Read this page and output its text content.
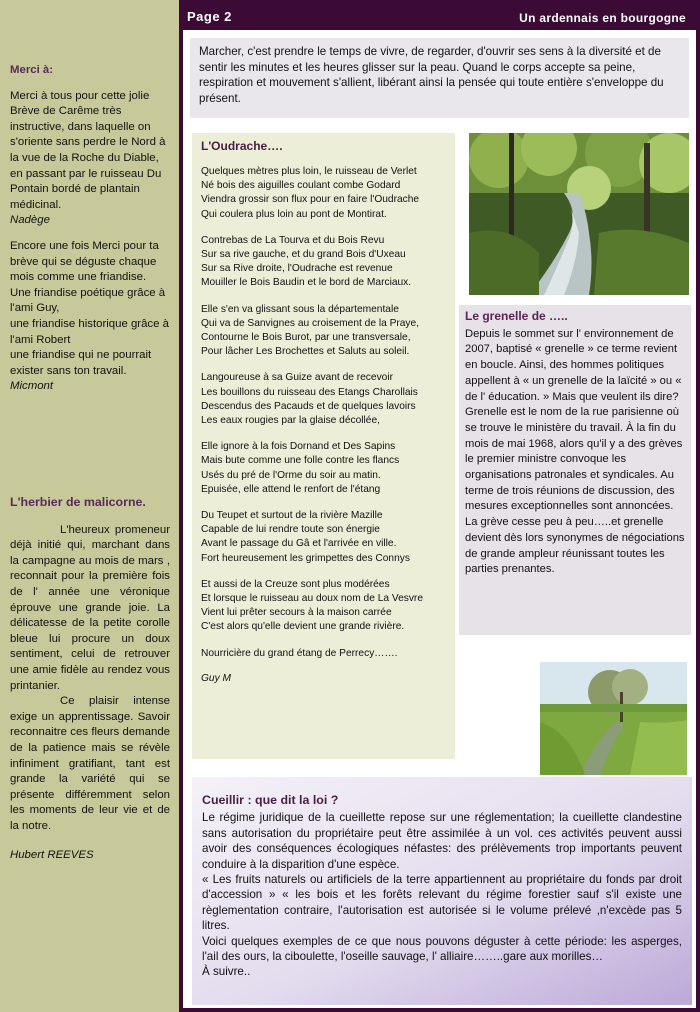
Merci à:
Merci à tous pour cette jolie Brève de Carême très instructive, dans laquelle on s'oriente sans perdre le Nord à la vue de la Roche du Diable, en passant par le ruisseau Du Pontain bordé de plantain médicinal.
Nadège
Encore une fois Merci pour ta brève qui se déguste chaque mois comme une friandise.
Une friandise poétique grâce à l'ami Guy,
une friandise historique grâce à l'ami Robert
une friandise qui ne pourrait exister sans ton travail.
Micmont
L'herbier de malicorne.
L'heureux promeneur déjà initié qui, marchant dans la campagne au mois de mars , reconnait pour la première fois de l' année une véronique éprouve une grande joie. La délicatesse de la petite corolle bleue lui procure un doux sentiment, celui de retrouver une amie fidèle au rendez vous printanier.
Ce plaisir intense exige un apprentissage. Savoir reconnaitre ces fleurs demande de la patience mais se révèle infiniment gratifiant, tant est grande la variété qui se présente différemment selon les moments de leur vie et de la notre.
Hubert REEVES
Page 2	Un ardennais en bourgogne
Marcher, c'est prendre le temps de vivre, de regarder, d'ouvrir ses sens à la diversité et de sentir les minutes et les heures glisser sur la peau. Quand le corps accepte sa peine, respiration et mouvement s'allient, libérant ainsi la pensée qui toute entière s'enveloppe du présent.
L'Oudrache….
Quelques mètres plus loin, le ruisseau de Verlet
Né bois des aiguilles coulant combe Godard
Viendra grossir son flux pour en faire l'Oudrache
Qui coulera plus loin au pont de Montirat.
Contrebas de La Tourva et du Bois Revu
Sur sa rive gauche, et du grand Bois d'Uxeau
Sur sa Rive droite, l'Oudrache est revenue
Mouiller le Bois Baudin et le bord de Marciaux.
Elle s'en va glissant sous la départementale
Qui va de Sanvignes au croisement de la Praye,
Contourne le Bois Burot, par une transversale,
Pour lâcher Les Brochettes et Saluts au soleil.
Langoureuse à sa Guize avant de recevoir
Les bouillons du ruisseau des Etangs Charollais
Descendus des Pacauds et de quelques lavoirs
Les eaux rougies par la glaise décollée,
Elle ignore à la fois Dornand et Des Sapins
Mais bute comme une folle contre les flancs
Usés du pré de l'Orme du soir au matin.
Epuisée, elle attend le renfort de l'étang
Du Teupet et surtout de la rivière Mazille
Capable de lui rendre toute son énergie
Avant le passage du Gâ et l'arrivée en ville.
Fort heureusement les grimpettes des Connys
Et aussi de la Creuze sont plus modérées
Et lorsque le ruisseau au doux nom de La Vesvre
Vient lui prêter secours à la maison carrée
C'est alors qu'elle devient une grande rivière.
Nourricière du grand étang de Perrecy…….
Guy M
Le grenelle de …..
Depuis le sommet sur l' environnement de 2007, baptisé « grenelle » ce terme revient en boucle. Ainsi, des hommes politiques appellent à « un grenelle de la laïcité » ou « de l' éducation. » Mais que veulent ils dire? Grenelle est le nom de la rue parisienne où se trouve le ministère du travail. À la fin du mois de mai 1968, alors qu'il y a des grèves le premier ministre convoque les organisations patronales et syndicales. Au terme de trois réunions de discussion, des mesures exceptionnelles sont annoncées. La grève cesse peu à peu…..et grenelle devient dès lors synonymes de négociations de grande ampleur réunissant toutes les parties prenantes.
Cueillir : que dit la loi ?
Le régime juridique de la cueillette repose sur une réglementation; la cueillette clandestine sans autorisation du propriétaire peut être assimilée à un vol. ces activités peuvent aussi avoir des conséquences écologiques néfastes: des prélèvements trop importants peuvent conduire à la disparition d'une espèce.
« Les fruits naturels ou artificiels de la terre appartiennent au propriétaire du fonds par droit d'accession » « les bois et les forêts relevant du régime forestier sauf s'il existe une règlementation contraire, l'autorisation est autorisée si le volume prélevé ,n'excède pas 5 litres.
Voici quelques exemples de ce que nous pouvons déguster à cette période: les asperges, l'ail des ours, la ciboulette, l'oseille sauvage, l' alliaire……..gare aux morilles…
À suivre..
